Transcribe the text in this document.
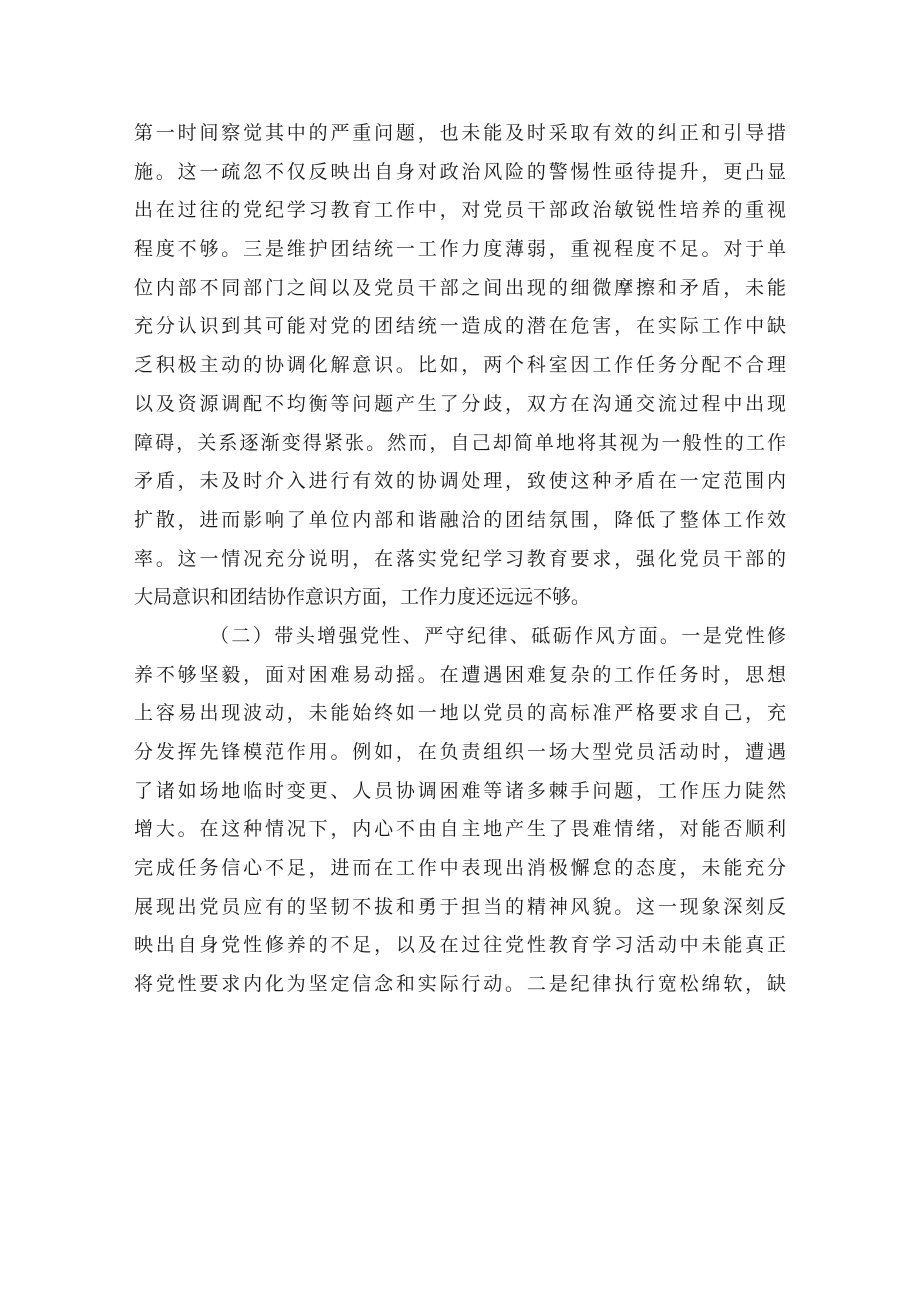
第一时间察觉其中的严重问题，也未能及时采取有效的纠正和引导措
施。这一疏忽不仅反映出自身对政治风险的警惕性亟待提升，更凸显
出在过往的党纪学习教育工作中，对党员干部政治敏锐性培养的重视
程度不够。三是维护团结统一工作力度薄弱，重视程度不足。对于单
位内部不同部门之间以及党员干部之间出现的细微摩擦和矛盾，未能
充分认识到其可能对党的团结统一造成的潜在危害，在实际工作中缺
乏积极主动的协调化解意识。比如，两个科室因工作任务分配不合理
以及资源调配不均衡等问题产生了分歧，双方在沟通交流过程中出现
障碍，关系逐渐变得紧张。然而，自己却简单地将其视为一般性的工作
矛盾，未及时介入进行有效的协调处理，致使这种矛盾在一定范围内
扩散，进而影响了单位内部和谐融洽的团结氛围，降低了整体工作效
率。这一情况充分说明，在落实党纪学习教育要求，强化党员干部的
大局意识和团结协作意识方面，工作力度还远远不够。
（二）带头增强党性、严守纪律、砥砺作风方面。一是党性修
养不够坚毅，面对困难易动摇。在遭遇困难复杂的工作任务时，思想
上容易出现波动，未能始终如一地以党员的高标准严格要求自己，充
分发挥先锋模范作用。例如，在负责组织一场大型党员活动时，遭遇
了诸如场地临时变更、人员协调困难等诸多棘手问题，工作压力陡然
增大。在这种情况下，内心不由自主地产生了畏难情绪，对能否顺利
完成任务信心不足，进而在工作中表现出消极懈怠的态度，未能充分
展现出党员应有的坚韧不拔和勇于担当的精神风貌。这一现象深刻反
映出自身党性修养的不足，以及在过往党性教育学习活动中未能真正
将党性要求内化为坚定信念和实际行动。二是纪律执行宽松绵软，缺
